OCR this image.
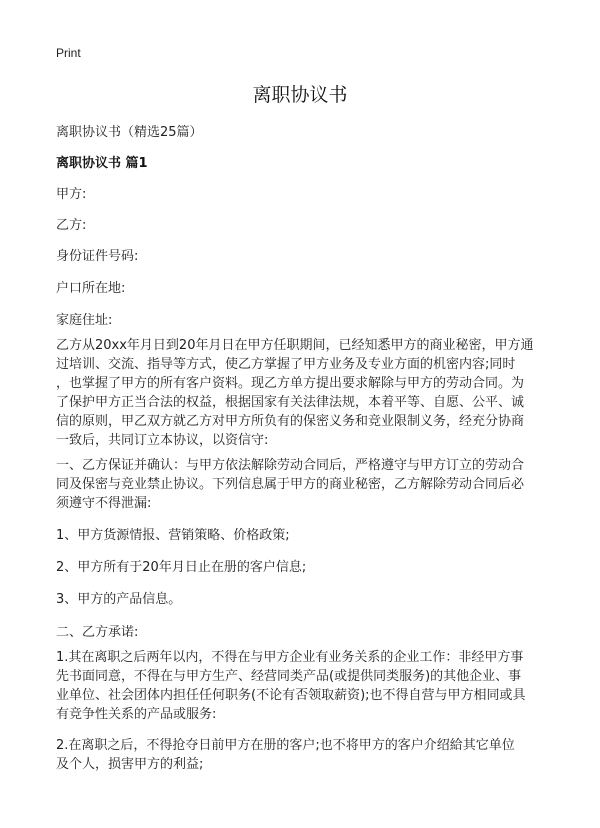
Print
离职协议书
离职协议书（精选25篇）
离职协议书 篇1
甲方:
乙方:
身份证件号码:
户口所在地:
家庭住址:
乙方从20xx年月日到20年月日在甲方任职期间，已经知悉甲方的商业秘密，甲方通
过培训、交流、指导等方式，使乙方掌握了甲方业务及专业方面的机密内容;同时
，也掌握了甲方的所有客户资料。现乙方单方提出要求解除与甲方的劳动合同。为
了保护甲方正当合法的权益，根据国家有关法律法规，本着平等、自愿、公平、诚
信的原则，甲乙双方就乙方对甲方所负有的保密义务和竞业限制义务，经充分协商
一致后，共同订立本协议，以资信守:
一、乙方保证并确认：与甲方依法解除劳动合同后，严格遵守与甲方订立的劳动合
同及保密与竞业禁止协议。下列信息属于甲方的商业秘密，乙方解除劳动合同后必
须遵守不得泄漏:
1、甲方货源情报、营销策略、价格政策;
2、甲方所有于20年月日止在册的客户信息;
3、甲方的产品信息。
二、乙方承诺:
1.其在离职之后两年以内，不得在与甲方企业有业务关系的企业工作：非经甲方事
先书面同意，不得在与甲方生产、经营同类产品(或提供同类服务)的其他企业、事
业单位、社会团体内担任任何职务(不论有否领取薪资);也不得自营与甲方相同或具
有竞争性关系的产品或服务:
2.在离职之后，不得抢夺日前甲方在册的客户;也不将甲方的客户介绍給其它单位
及个人，损害甲方的利益;
